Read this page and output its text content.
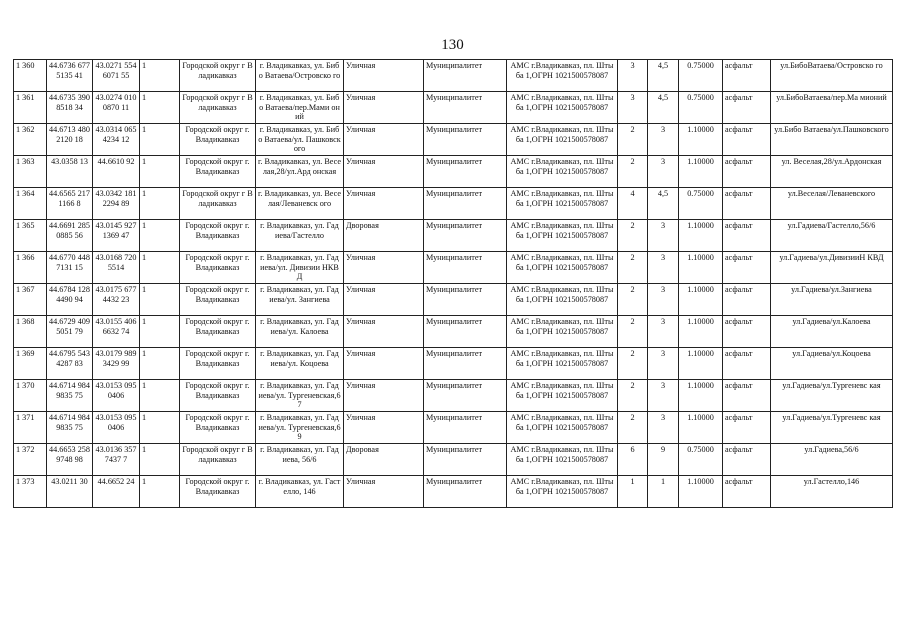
130
1 360	44.6736 6775135 41	43.0271 5546071 55	1	Городской округ г Владикавказ	г. Владикавказ, ул. Бибо Ватаева/Островско го	Уличная	Муниципалитет	АМС г.Владикавказ, пл. Штыба 1,ОГРН 1021500578087	3	4,5	0.75000	асфальт	ул.БибоВатаева/Островско го
1 361	44.6735 3908518 34	43.0274 0100870 11	1	Городской округ г Владикавказ	г. Владикавказ, ул. Бибо Ватаева/пер.Мами оний	Уличная	Муниципалитет	АМС г.Владикавказ, пл. Штыба 1,ОГРН 1021500578087	3	4,5	0.75000	асфальт	ул.БибоВатаева/пер.Ма мионий
1 362	44.6713 4802120 18	43.0314 0654234 12	1	Городской округ г. Владикавказ	г. Владикавказ, ул. Бибо Ватаева/ул. Пашковского	Уличная	Муниципалитет	АМС г.Владикавказ, пл. Штыба 1,ОГРН 1021500578087	2	3	1.10000	асфальт	ул.Бибо Ватаева/ул.Пашковского
1 363	43.0358 13	44.6610 92	1	Городской округ г. Владикавказ	г. Владикавказ, ул. Веселая,28/ул.Ард онская	Уличная	Муниципалитет	АМС г.Владикавказ, пл. Штыба 1,ОГРН 1021500578087	2	3	1.10000	асфальт	ул. Веселая,28/ул.Ардонская
1 364	44.6565 2171166 8	43.0342 1812294 89	1	Городской округ г Владикавказ	г. Владикавказ, ул. Веселая/Леваневск ого	Уличная	Муниципалитет	АМС г.Владикавказ, пл. Штыба 1,ОГРН 1021500578087	4	4,5	0.75000	асфальт	ул.Веселая/Леваневского
1 365	44.6691 2850885 56	43.0145 9271369 47	1	Городской округ г. Владикавказ	г. Владикавказ, ул. Гадиева/Гастелло	Дворовая	Муниципалитет	АМС г.Владикавказ, пл. Штыба 1,ОГРН 1021500578087	2	3	1.10000	асфальт	ул.Гадиева/Гастелло,56/6
1 366	44.6770 4487131 15	43.0168 7205514	1	Городской округ г. Владикавказ	г. Владикавказ, ул. Гадиева/ул. Дивизии НКВД	Уличная	Муниципалитет	АМС г.Владикавказ, пл. Штыба 1,ОГРН 1021500578087	2	3	1.10000	асфальт	ул.Гадиева/ул.ДивизииН КВД
1 367	44.6784 1284490 94	43.0175 6774432 23	1	Городской округ г. Владикавказ	г. Владикавказ, ул. Гадиева/ул. Зангиева	Уличная	Муниципалитет	АМС г.Владикавказ, пл. Штыба 1,ОГРН 1021500578087	2	3	1.10000	асфальт	ул.Гадиева/ул.Зангиева
1 368	44.6729 4095051 79	43.0155 4066632 74	1	Городской округ г. Владикавказ	г. Владикавказ, ул. Гадиева/ул. Калоева	Уличная	Муниципалитет	АМС г.Владикавказ, пл. Штыба 1,ОГРН 1021500578087	2	3	1.10000	асфальт	ул.Гадиева/ул.Калоева
1 369	44.6795 5434287 83	43.0179 9893429 99	1	Городской округ г. Владикавказ	г. Владикавказ, ул. Гадиева/ул. Коцоева	Уличная	Муниципалитет	АМС г.Владикавказ, пл. Штыба 1,ОГРН 1021500578087	2	3	1.10000	асфальт	ул.Гадиева/ул.Коцоева
1 370	44.6714 9849835 75	43.0153 0950406	1	Городской округ г. Владикавказ	г. Владикавказ, ул. Гадиева/ул. Тургеневская,67	Уличная	Муниципалитет	АМС г.Владикавказ, пл. Штыба 1,ОГРН 1021500578087	2	3	1.10000	асфальт	ул.Гадиева/ул.Тургеневс кая
1 371	44.6714 9849835 75	43.0153 0950406	1	Городской округ г. Владикавказ	г. Владикавказ, ул. Гадиева/ул. Тургеневская,69	Уличная	Муниципалитет	АМС г.Владикавказ, пл. Штыба 1,ОГРН 1021500578087	2	3	1.10000	асфальт	ул.Гадиева/ул.Тургеневс кая
1 372	44.6653 2589748 98	43.0136 3577437 7	1	Городской округ г Владикавказ	г. Владикавказ, ул. Гадиева, 56/6	Дворовая	Муниципалитет	АМС г.Владикавказ, пл. Штыба 1,ОГРН 1021500578087	6	9	0.75000	асфальт	ул.Гадиева,56/6
1 373	43.0211 30	44.6652 24	1	Городской округ г. Владикавказ	г. Владикавказ, ул. Гастелло, 146	Уличная	Муниципалитет	АМС г.Владикавказ, пл. Штыба 1,ОГРН 1021500578087	1	1	1.10000	асфальт	ул.Гастелло,146
